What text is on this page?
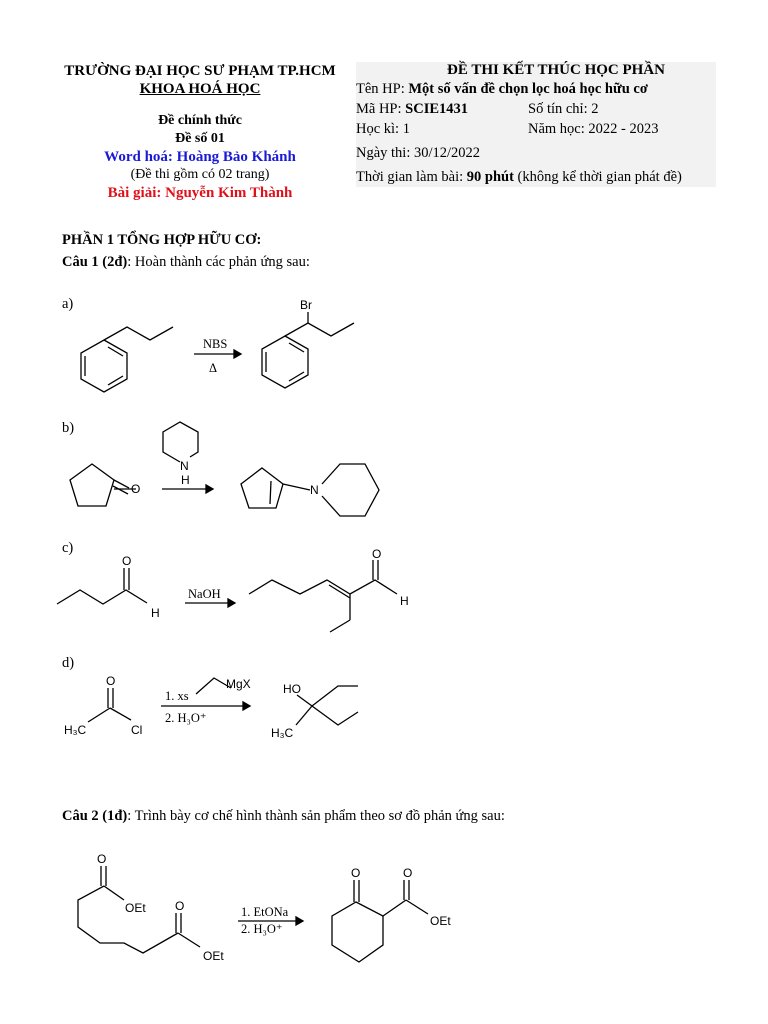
TRƯỜNG ĐẠI HỌC SƯ PHẠM TP.HCM
KHOA HOÁ HỌC
Đề chính thức
Đề số 01
Word hoá: Hoàng Bảo Khánh
(Đề thi gồm có 02 trang)
Bài giải: Nguyễn Kim Thành
ĐỀ THI KẾT THÚC HỌC PHẦN
Tên HP: Một số vấn đề chọn lọc hoá học hữu cơ
Mã HP: SCIE1431	Số tín chỉ: 2
Học kì: 1	Năm học: 2022 - 2023
Ngày thi: 30/12/2022
Thời gian làm bài: 90 phút (không kể thời gian phát đề)
PHẦN 1 TỔNG HỢP HỮU CƠ:
Câu 1 (2đ): Hoàn thành các phản ứng sau:
a)
b)
c)
d)
NBS
Δ
Br
N
H
O	N
O
H
NaOH
O
H
O
H₃C	Cl
MgX
1. xs
2. H₃O⁺
HO
H₃C
O
OEt O
OEt
1. EtONa
2. H₃O⁺
O	O
OEt
Câu 2 (1đ): Trình bày cơ chế hình thành sản phẩm theo sơ đồ phản ứng sau:
